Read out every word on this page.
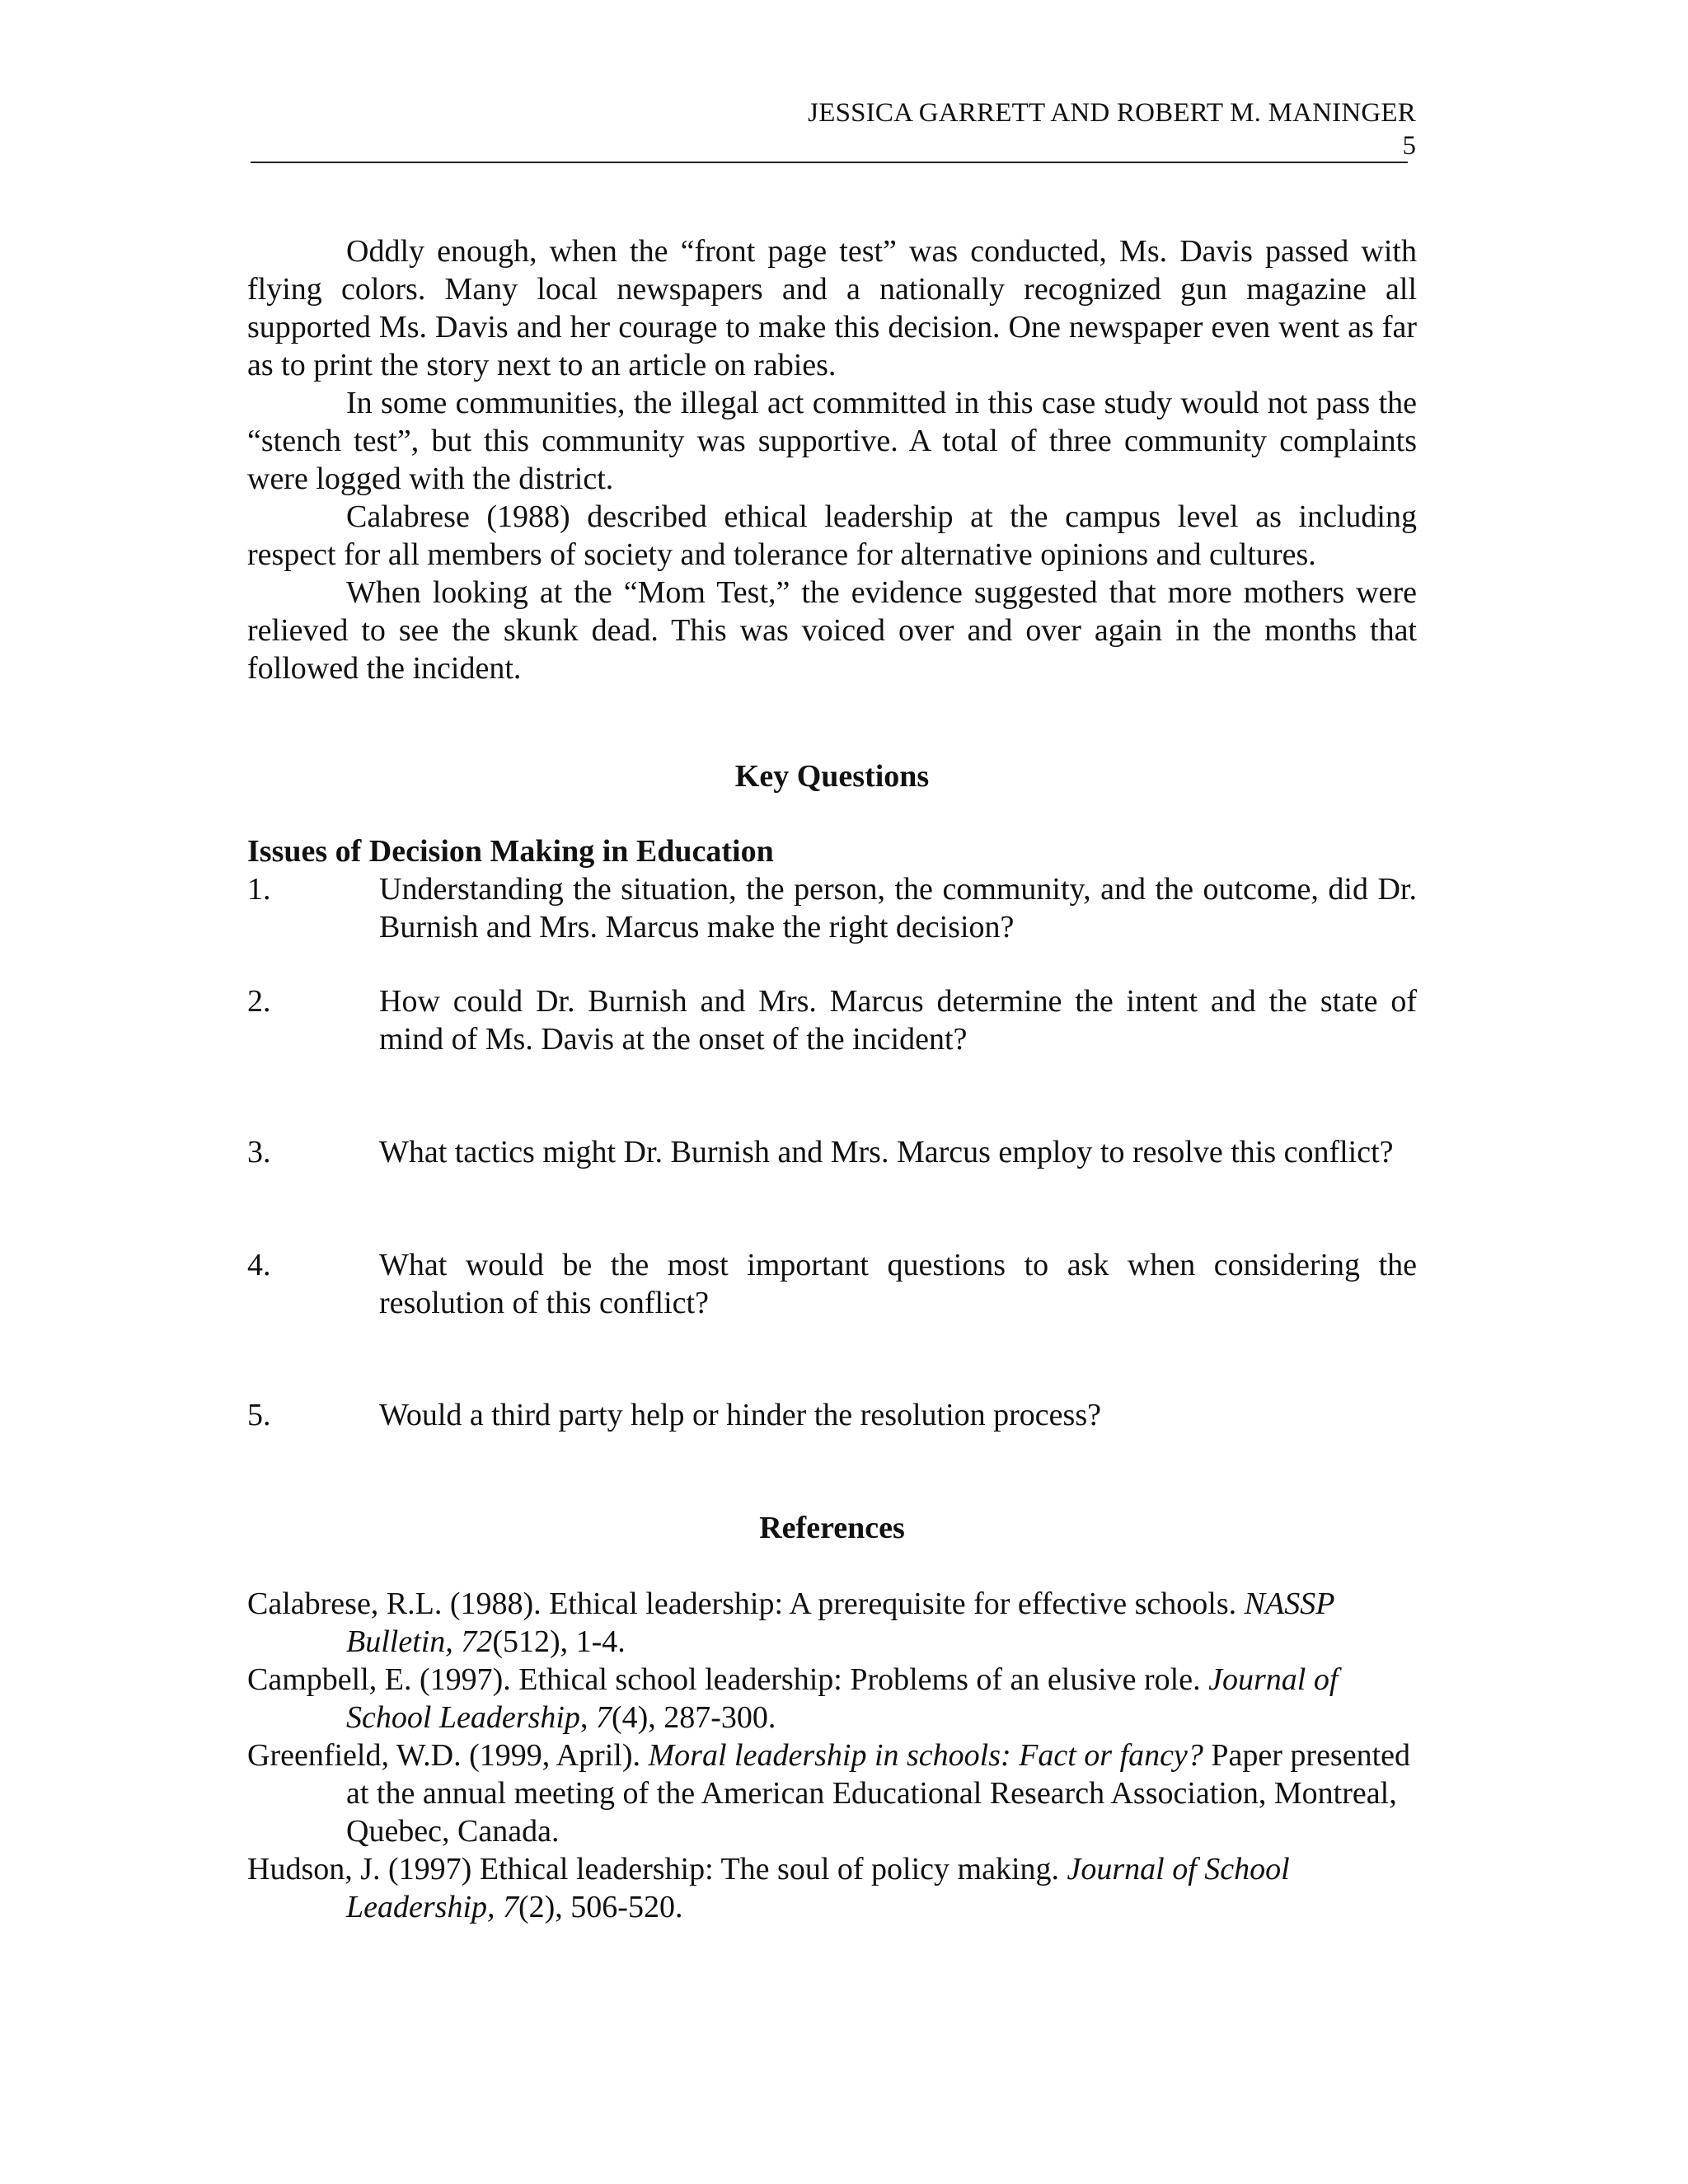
JESSICA GARRETT AND ROBERT M. MANINGER
5

Oddly enough, when the “front page test” was conducted, Ms. Davis passed with flying colors. Many local newspapers and a nationally recognized gun magazine all supported Ms. Davis and her courage to make this decision. One newspaper even went as far as to print the story next to an article on rabies.

In some communities, the illegal act committed in this case study would not pass the “stench test”, but this community was supportive. A total of three community complaints were logged with the district.

Calabrese (1988) described ethical leadership at the campus level as including respect for all members of society and tolerance for alternative opinions and cultures.

When looking at the “Mom Test,” the evidence suggested that more mothers were relieved to see the skunk dead. This was voiced over and over again in the months that followed the incident.

Key Questions
Issues of Decision Making in Education
1.	Understanding the situation, the person, the community, and the outcome, did Dr. Burnish and Mrs. Marcus make the right decision?
2.	How could Dr. Burnish and Mrs. Marcus determine the intent and the state of mind of Ms. Davis at the onset of the incident?
3.	What tactics might Dr. Burnish and Mrs. Marcus employ to resolve this conflict?
4.	What would be the most important questions to ask when considering the resolution of this conflict?
5.	Would a third party help or hinder the resolution process?
References

Calabrese, R.L. (1988). Ethical leadership: A prerequisite for effective schools. NASSP Bulletin, 72(512), 1-4.

Campbell, E. (1997). Ethical school leadership: Problems of an elusive role. Journal of School Leadership, 7(4), 287-300.

Greenfield, W.D. (1999, April). Moral leadership in schools: Fact or fancy? Paper presented at the annual meeting of the American Educational Research Association, Montreal, Quebec, Canada.

Hudson, J. (1997) Ethical leadership: The soul of policy making. Journal of School Leadership, 7(2), 506-520.
